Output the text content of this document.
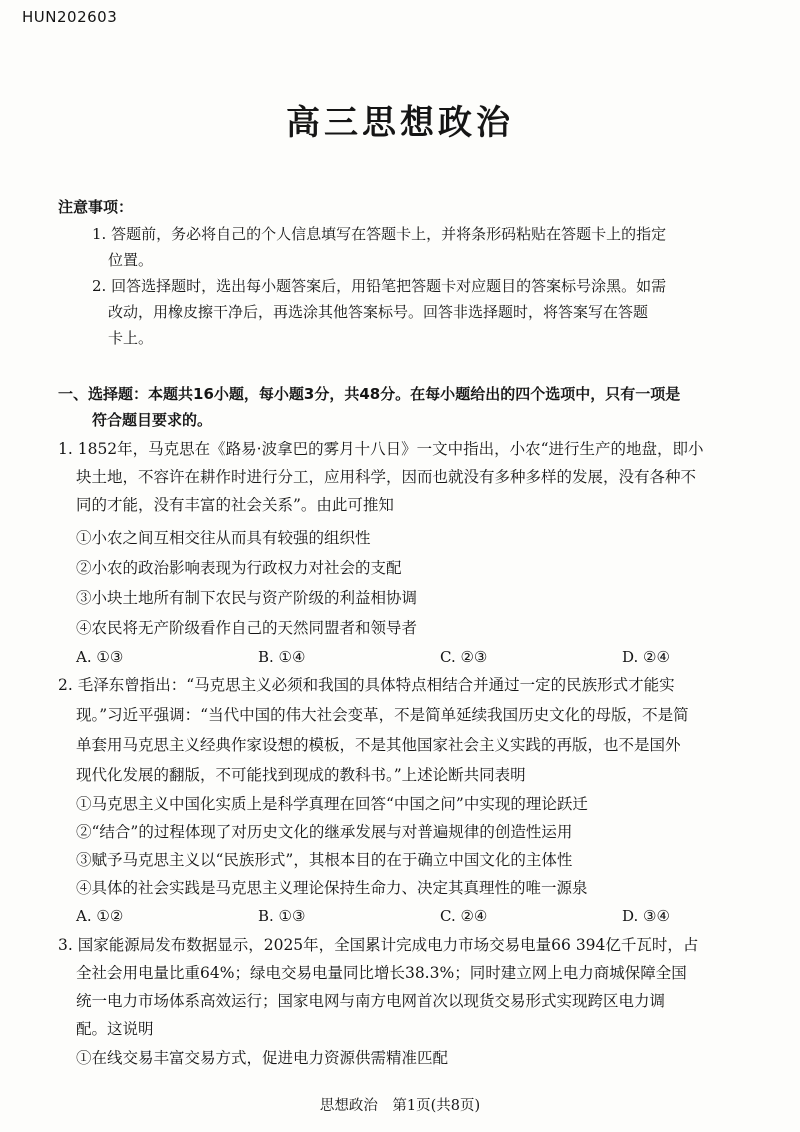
HUN202603
高三思想政治
注意事项：
1. 答题前，务必将自己的个人信息填写在答题卡上，并将条形码粘贴在答题卡上的指定
位置。
2. 回答选择题时，选出每小题答案后，用铅笔把答题卡对应题目的答案标号涂黑。如需
改动，用橡皮擦干净后，再选涂其他答案标号。回答非选择题时，将答案写在答题
卡上。
一、选择题：本题共16小题，每小题3分，共48分。在每小题给出的四个选项中，只有一项是
符合题目要求的。
1. 1852年，马克思在《路易·波拿巴的雾月十八日》一文中指出，小农“进行生产的地盘，即小
块土地，不容许在耕作时进行分工，应用科学，因而也就没有多种多样的发展，没有各种不
同的才能，没有丰富的社会关系”。由此可推知
①小农之间互相交往从而具有较强的组织性
②小农的政治影响表现为行政权力对社会的支配
③小块土地所有制下农民与资产阶级的利益相协调
④农民将无产阶级看作自己的天然同盟者和领导者
A. ①③	B. ①④	C. ②③	D. ②④
2. 毛泽东曾指出：“马克思主义必须和我国的具体特点相结合并通过一定的民族形式才能实
现。”习近平强调：“当代中国的伟大社会变革，不是简单延续我国历史文化的母版，不是简
单套用马克思主义经典作家设想的模板，不是其他国家社会主义实践的再版，也不是国外
现代化发展的翻版，不可能找到现成的教科书。”上述论断共同表明
①马克思主义中国化实质上是科学真理在回答“中国之问”中实现的理论跃迁
②“结合”的过程体现了对历史文化的继承发展与对普遍规律的创造性运用
③赋予马克思主义以“民族形式”，其根本目的在于确立中国文化的主体性
④具体的社会实践是马克思主义理论保持生命力、决定其真理性的唯一源泉
A. ①②	B. ①③	C. ②④	D. ③④
3. 国家能源局发布数据显示，2025年，全国累计完成电力市场交易电量66 394亿千瓦时，占
全社会用电量比重64%；绿电交易电量同比增长38.3%；同时建立网上电力商城保障全国
统一电力市场体系高效运行；国家电网与南方电网首次以现货交易形式实现跨区电力调
配。这说明
①在线交易丰富交易方式，促进电力资源供需精准匹配
思想政治　第1页(共8页)
